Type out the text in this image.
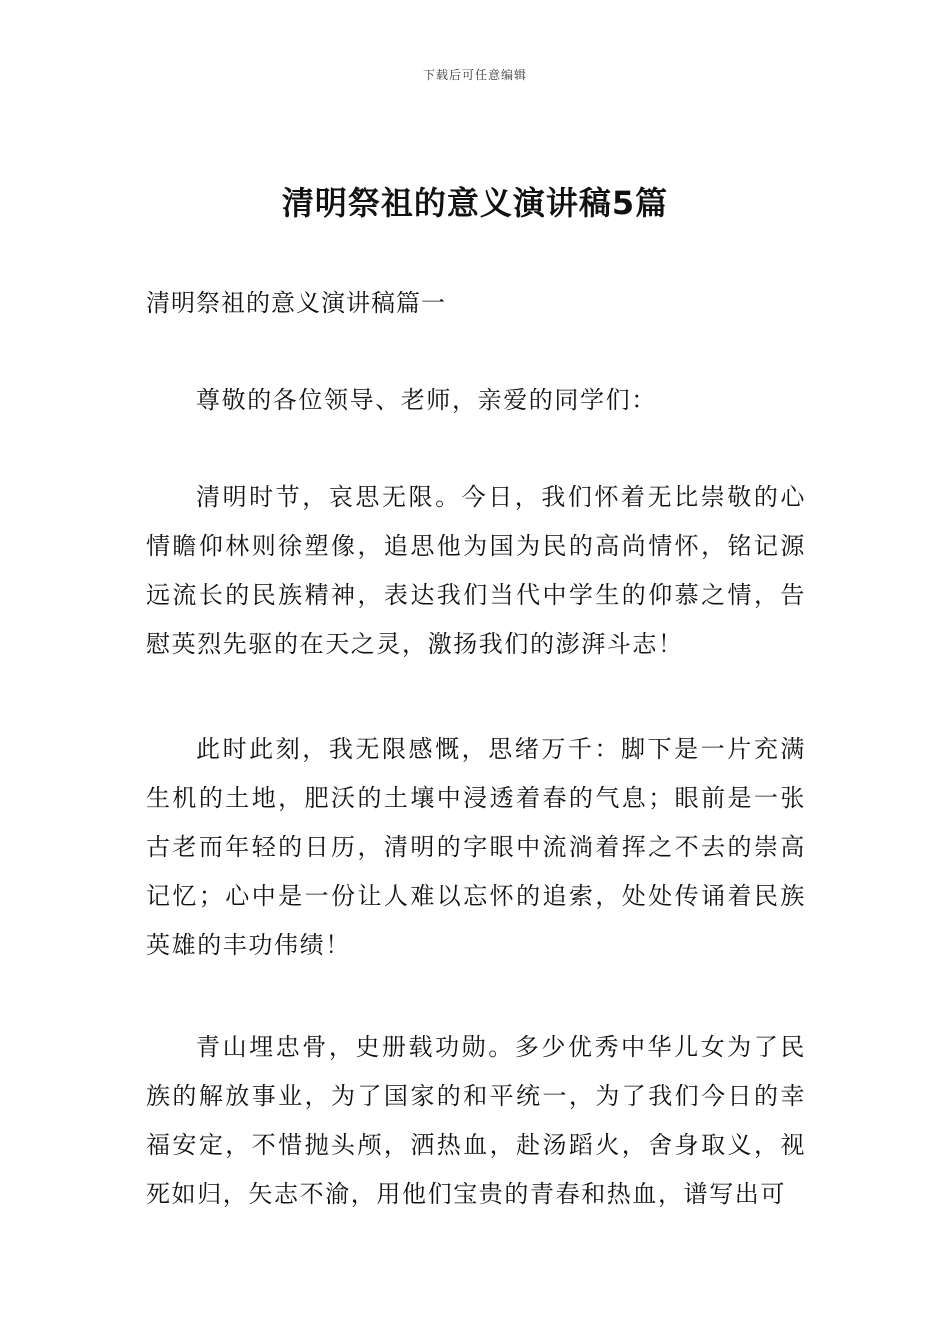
下载后可任意编辑
清明祭祖的意义演讲稿5篇
清明祭祖的意义演讲稿篇一

尊敬的各位领导、老师，亲爱的同学们：

清明时节，哀思无限。今日，我们怀着无比崇敬的心情瞻仰林则徐塑像，追思他为国为民的高尚情怀，铭记源远流长的民族精神，表达我们当代中学生的仰慕之情，告慰英烈先驱的在天之灵，激扬我们的澎湃斗志！

此时此刻，我无限感慨，思绪万千：脚下是一片充满生机的土地，肥沃的土壤中浸透着春的气息；眼前是一张古老而年轻的日历，清明的字眼中流淌着挥之不去的崇高记忆；心中是一份让人难以忘怀的追索，处处传诵着民族英雄的丰功伟绩！

青山埋忠骨，史册载功勋。多少优秀中华儿女为了民族的解放事业，为了国家的和平统一，为了我们今日的幸福安定，不惜抛头颅，洒热血，赴汤蹈火，舍身取义，视死如归，矢志不渝，用他们宝贵的青春和热血，谱写出可
